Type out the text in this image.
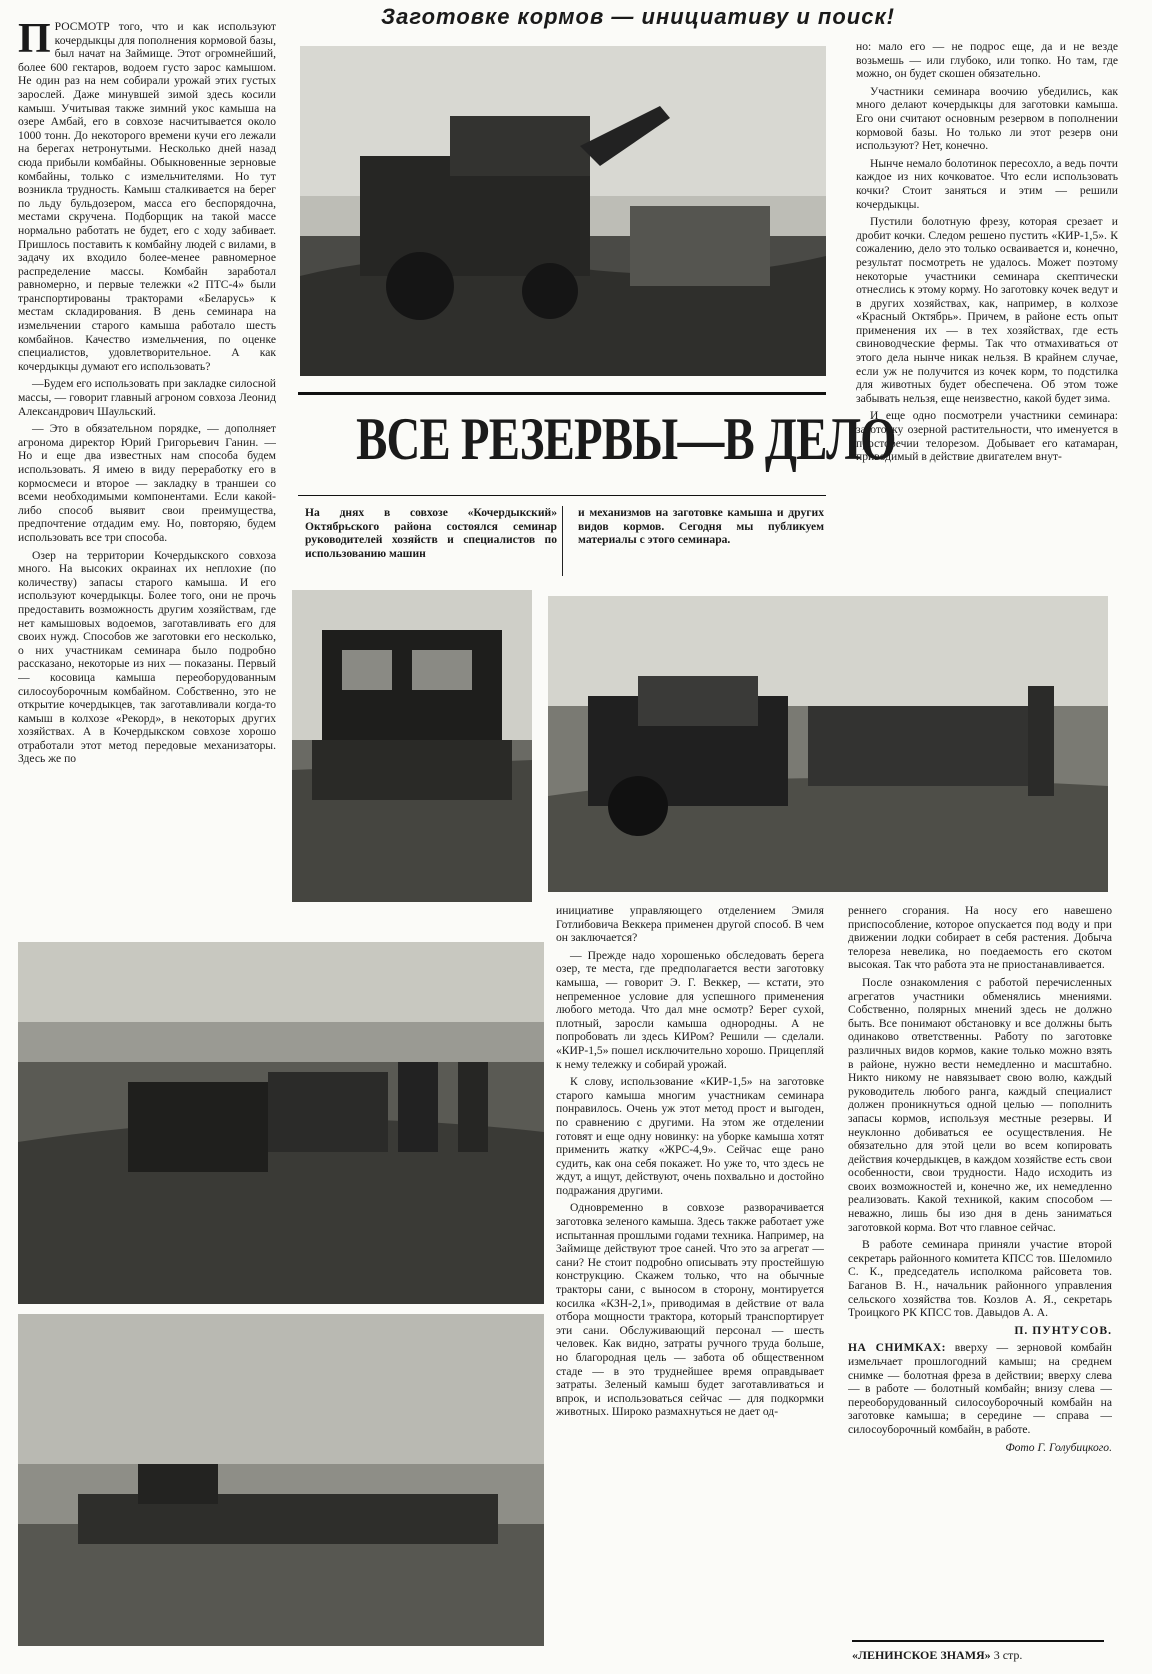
Заготовке кормов — инициативу и поиск!

ПРОСМОТР того, что и как используют кочердыкцы для пополнения кормовой базы, был начат на Займище. Этот огромнейший, более 600 гектаров, водоем густо зарос камышом. Не один раз на нем собирали урожай этих густых зарослей. Даже минувшей зимой здесь косили камыш. Учитывая также зимний укос камыша на озере Амбай, его в совхозе насчитывается около 1000 тонн. До некоторого времени кучи его лежали на берегах нетронутыми. Несколько дней назад сюда прибыли комбайны. Обыкновенные зерновые комбайны, только с измельчителями. Но тут возникла трудность. Камыш сталкивается на берег по льду бульдозером, масса его беспорядочна, местами скручена. Подборщик на такой массе нормально работать не будет, его с ходу забивает. Пришлось поставить к комбайну людей с вилами, в задачу их входило более-менее равномерное распределение массы. Комбайн заработал равномерно, и первые тележки «2 ПТС-4» были транспортированы тракторами «Беларусь» к местам складирования. В день семинара на измельчении старого камыша работало шесть комбайнов. Качество измельчения, по оценке специалистов, удовлетворительное. А как кочердыкцы думают его использовать?

—Будем его использовать при закладке силосной массы, — говорит главный агроном совхоза Леонид Александрович Шаульский.

— Это в обязательном порядке, — дополняет агронома директор Юрий Григорьевич Ганин. — Но и еще два известных нам способа будем использовать. Я имею в виду переработку его в кормосмеси и второе — закладку в траншеи со всеми необходимыми компонентами. Если какой-либо способ выявит свои преимущества, предпочтение отдадим ему. Но, повторяю, будем использовать все три способа.

Озер на территории Кочердыкского совхоза много. На высоких окраинах их неплохие (по количеству) запасы старого камыша. И его используют кочердыкцы. Более того, они не прочь предоставить возможность другим хозяйствам, где нет камышовых водоемов, заготавливать его для своих нужд. Способов же заготовки его несколько, о них участникам семинара было подробно рассказано, некоторые из них — показаны. Первый — косовица камыша переоборудованным силосоуборочным комбайном. Собственно, это не открытие кочердыкцев, так заготавливали когда-то камыш в колхозе «Рекорд», в некоторых других хозяйствах. А в Кочердыкском совхозе хорошо отработали этот метод передовые механизаторы. Здесь же по

ВСЕ РЕЗЕРВЫ—В ДЕЛО
На днях в совхозе «Кочердыкский» Октябрьского района состоялся семинар руководителей хозяйств и специалистов по использованию машин
и механизмов на заготовке камыша и других видов кормов. Сегодня мы публикуем материалы с этого семинара.

но: мало его — не подрос еще, да и не везде возьмешь — или глубоко, или топко. Но там, где можно, он будет скошен обязательно.

Участники семинара воочию убедились, как много делают кочердыкцы для заготовки камыша. Его они считают основным резервом в пополнении кормовой базы. Но только ли этот резерв они используют? Нет, конечно.

Нынче немало болотинок пересохло, а ведь почти каждое из них кочковатое. Что если использовать кочки? Стоит заняться и этим — решили кочердыкцы.

Пустили болотную фрезу, которая срезает и дробит кочки. Следом решено пустить «КИР-1,5». К сожалению, дело это только осваивается и, конечно, результат посмотреть не удалось. Может поэтому некоторые участники семинара скептически отнеслись к этому корму. Но заготовку кочек ведут и в других хозяйствах, как, например, в колхозе «Красный Октябрь». Причем, в районе есть опыт применения их — в тех хозяйствах, где есть свиноводческие фермы. Так что отмахиваться от этого дела нынче никак нельзя. В крайнем случае, если уж не получится из кочек корм, то подстилка для животных будет обеспечена. Об этом тоже забывать нельзя, еще неизвестно, какой будет зима.

И еще одно посмотрели участники семинара: заготовку озерной растительности, что именуется в просторечии телорезом. Добывает его катамаран, приводимый в действие двигателем внут-

инициативе управляющего отделением Эмиля Готлибовича Веккера применен другой способ. В чем он заключается?

— Прежде надо хорошенько обследовать берега озер, те места, где предполагается вести заготовку камыша, — говорит Э. Г. Веккер, — кстати, это непременное условие для успешного применения любого метода. Что дал мне осмотр? Берег сухой, плотный, заросли камыша однородны. А не попробовать ли здесь КИРом? Решили — сделали. «КИР-1,5» пошел исключительно хорошо. Прицепляй к нему тележку и собирай урожай.

К слову, использование «КИР-1,5» на заготовке старого камыша многим участникам семинара понравилось. Очень уж этот метод прост и выгоден, по сравнению с другими. На этом же отделении готовят и еще одну новинку: на уборке камыша хотят применить жатку «ЖРС-4,9». Сейчас еще рано судить, как она себя покажет. Но уже то, что здесь не ждут, а ищут, действуют, очень похвально и достойно подражания другими.

Одновременно в совхозе разворачивается заготовка зеленого камыша. Здесь также работает уже испытанная прошлыми годами техника. Например, на Займище действуют трое саней. Что это за агрегат — сани? Не стоит подробно описывать эту простейшую конструкцию. Скажем только, что на обычные тракторы сани, с выносом в сторону, монтируется косилка «КЗН-2,1», приводимая в действие от вала отбора мощности трактора, который транспортирует эти сани. Обслуживающий персонал — шесть человек. Как видно, затраты ручного труда больше, но благородная цель — забота об общественном стаде — в это труднейшее время оправдывает затраты. Зеленый камыш будет заготавливаться и впрок, и использоваться сейчас — для подкормки животных. Широко размахнуться не дает од-

реннего сгорания. На носу его навешено приспособление, которое опускается под воду и при движении лодки собирает в себя растения. Добыча телореза невелика, но поедаемость его скотом высокая. Так что работа эта не приостанавливается.

После ознакомления с работой перечисленных агрегатов участники обменялись мнениями. Собственно, полярных мнений здесь не должно быть. Все понимают обстановку и все должны быть одинаково ответственны. Работу по заготовке различных видов кормов, какие только можно взять в районе, нужно вести немедленно и масштабно. Никто никому не навязывает свою волю, каждый руководитель любого ранга, каждый специалист должен проникнуться одной целью — пополнить запасы кормов, используя местные резервы. И неуклонно добиваться ее осуществления. Не обязательно для этой цели во всем копировать действия кочердыкцев, в каждом хозяйстве есть свои особенности, свои трудности. Надо исходить из своих возможностей и, конечно же, их немедленно реализовать. Какой техникой, каким способом — неважно, лишь бы изо дня в день заниматься заготовкой корма. Вот что главное сейчас.

В работе семинара приняли участие второй секретарь районного комитета КПСС тов. Шеломило С. К., председатель исполкома райсовета тов. Баганов В. Н., начальник районного управления сельского хозяйства тов. Козлов А. Я., секретарь Троицкого РК КПСС тов. Давыдов А. А.

П. ПУНТУСОВ.

НА СНИМКАХ: вверху — зерновой комбайн измельчает прошлогодний камыш; на среднем снимке — болотная фреза в действии; вверху слева— в работе — болотный комбайн; внизу слева — переоборудованный силосоуборочный комбайн на заготовке камыша; в середине — справа — силосоуборочный комбайн, в работе.

Фото Г. Голубицкого.

«ЛЕНИНСКОЕ ЗНАМЯ» 3 стр.
